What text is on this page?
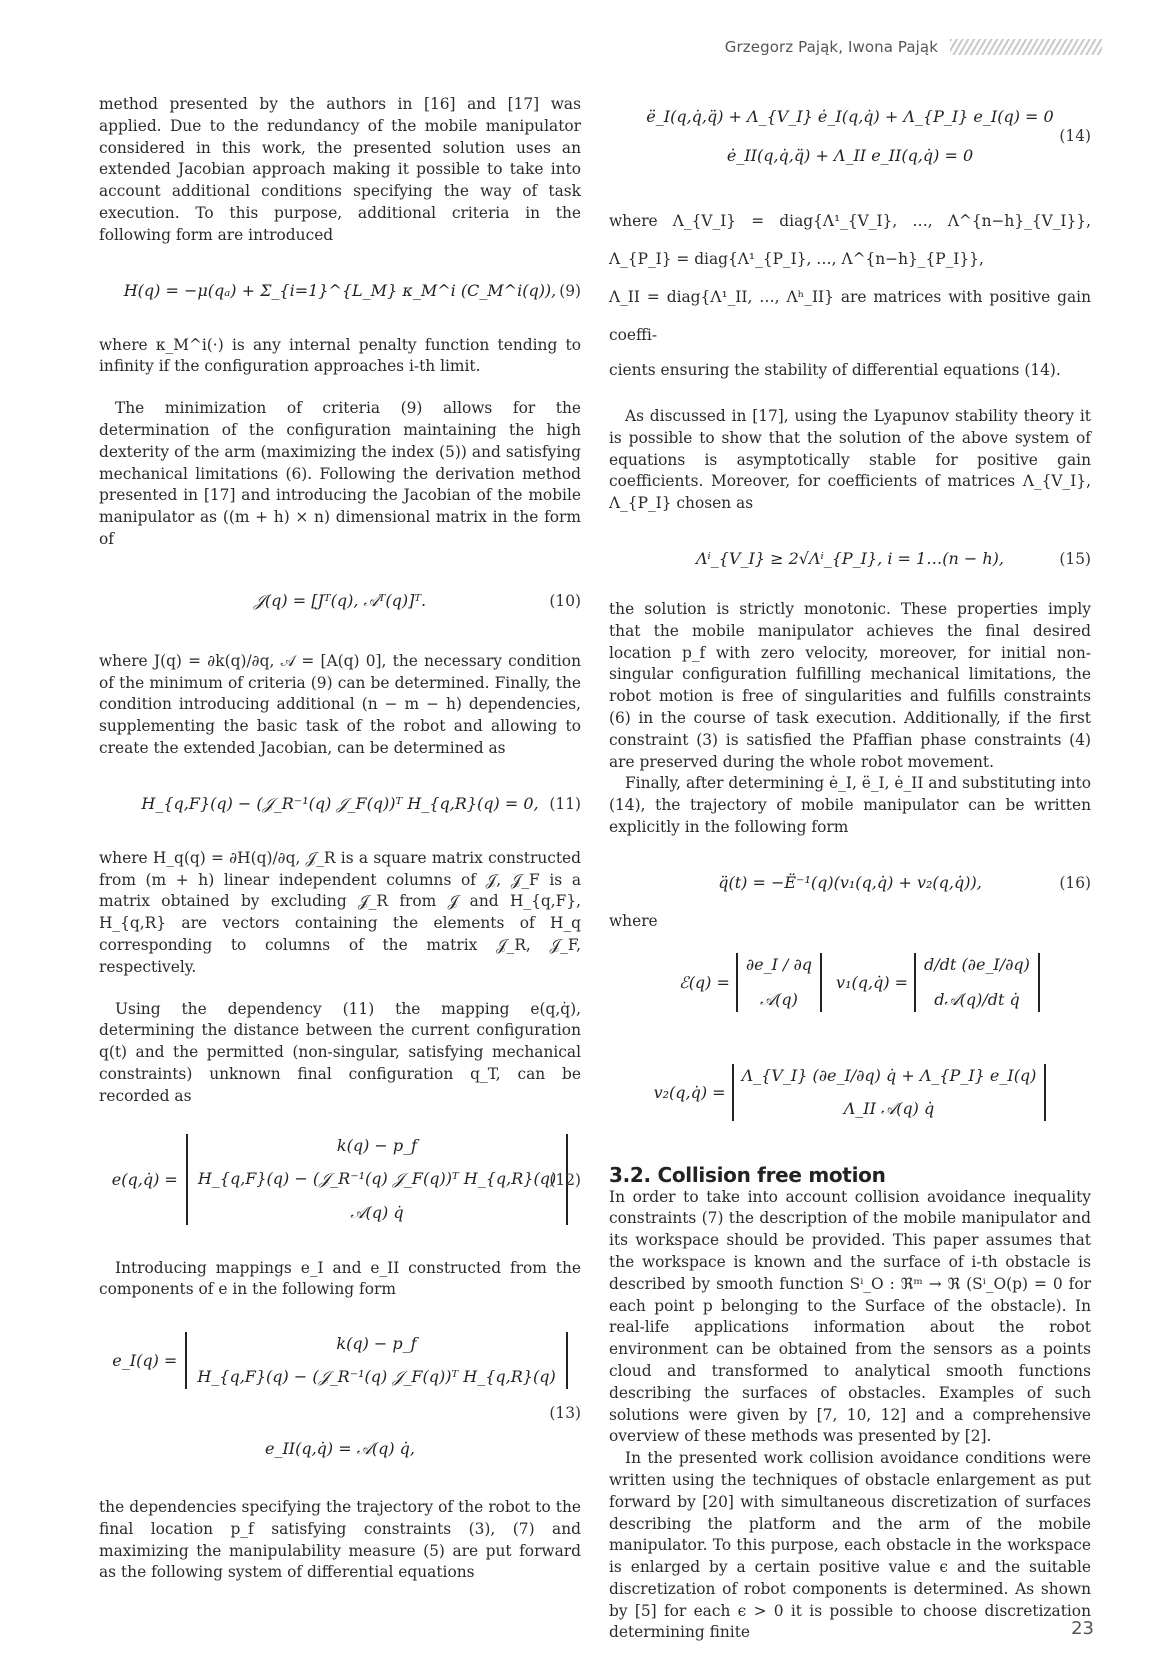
Grzegorz Pająk, Iwona Pająk

method presented by the authors in [16] and [17] was applied. Due to the redundancy of the mobile manipulator considered in this work, the presented solution uses an extended Jacobian approach making it possible to take into account additional conditions specifying the way of task execution. To this purpose, additional criteria in the following form are introduced

H(q) = −μ(qₐ) + Σ_{i=1}^{L_M} κ_M^i (C_M^i(q)), (9)

where κ_M^i(·) is any internal penalty function tending to infinity if the configuration approaches i-th limit.

The minimization of criteria (9) allows for the determination of the configuration maintaining the high dexterity of the arm (maximizing the index (5)) and satisfying mechanical limitations (6). Following the derivation method presented in [17] and introducing the Jacobian of the mobile manipulator as ((m + h) × n) dimensional matrix in the form of

𝒥(q) = [Jᵀ(q), 𝒜ᵀ(q)]ᵀ.	(10)

where J(q) = ∂k(q)/∂q, 𝒜 = [A(q) 0], the necessary condition of the minimum of criteria (9) can be determined. Finally, the condition introducing additional (n − m − h) dependencies, supplementing the basic task of the robot and allowing to create the extended Jacobian, can be determined as

H_{q,F}(q) − (𝒥_R⁻¹(q) 𝒥_F(q))ᵀ H_{q,R}(q) = 0, (11)

where H_q(q) = ∂H(q)/∂q, 𝒥_R is a square matrix constructed from (m + h) linear independent columns of 𝒥, 𝒥_F is a matrix obtained by excluding 𝒥_R from 𝒥 and H_{q,F}, H_{q,R} are vectors containing the elements of H_q corresponding to columns of the matrix 𝒥_R, 𝒥_F, respectively.

Using the dependency (11) the mapping e(q,q̇), determining the distance between the current configuration q(t) and the permitted (non-singular, satisfying mechanical constraints) unknown final configuration q_T, can be recorded as

e(q,q̇) =
k(q) − p_f
H_{q,F}(q) − (𝒥_R⁻¹(q) 𝒥_F(q))ᵀ H_{q,R}(q)
𝒜(q) q̇
(12)

Introducing mappings e_I and e_II constructed from the components of e in the following form

e_I(q) =
k(q) − p_f
H_{q,F}(q) − (𝒥_R⁻¹(q) 𝒥_F(q))ᵀ H_{q,R}(q)
(13)
e_II(q,q̇) = 𝒜(q) q̇,

the dependencies specifying the trajectory of the robot to the final location p_f satisfying constraints (3), (7) and maximizing the manipulability measure (5) are put forward as the following system of differential equations

ë_I(q,q̇,q̈) + Λ_{V_I} ė_I(q,q̇) + Λ_{P_I} e_I(q) = 0
ė_II(q,q̇,q̈) + Λ_II e_II(q,q̇) = 0
(14)

where Λ_{V_I} = diag{Λ¹_{V_I}, …, Λ^{n−h}_{V_I}}, Λ_{P_I} = diag{Λ¹_{P_I}, …, Λ^{n−h}_{P_I}},

Λ_II = diag{Λ¹_II, …, Λʰ_II} are matrices with positive gain coeffi-

cients ensuring the stability of differential equations (14).

As discussed in [17], using the Lyapunov stability theory it is possible to show that the solution of the above system of equations is asymptotically stable for positive gain coefficients. Moreover, for coefficients of matrices Λ_{V_I}, Λ_{P_I} chosen as

Λⁱ_{V_I} ≥ 2√Λⁱ_{P_I}, i = 1…(n − h),	(15)

the solution is strictly monotonic. These properties imply that the mobile manipulator achieves the final desired location p_f with zero velocity, moreover, for initial non-singular configuration fulfilling mechanical limitations, the robot motion is free of singularities and fulfills constraints (6) in the course of task execution. Additionally, if the first constraint (3) is satisfied the Pfaffian phase constraints (4) are preserved during the whole robot movement.

Finally, after determining ė_I, ë_I, ė_II and substituting into (14), the trajectory of mobile manipulator can be written explicitly in the following form

q̈(t) = −Ë⁻¹(q)(v₁(q,q̇) + v₂(q,q̇)),	(16)

where

ℰ(q) =
∂e_I / ∂q
𝒜(q)
v₁(q,q̇) =
d/dt (∂e_I/∂q)
d𝒜(q)/dt q̇
v₂(q,q̇) =
Λ_{V_I} (∂e_I/∂q) q̇ + Λ_{P_I} e_I(q)
Λ_II 𝒜(q) q̇
3.2. Collision free motion

In order to take into account collision avoidance inequality constraints (7) the description of the mobile manipulator and its workspace should be provided. This paper assumes that the workspace is known and the surface of i-th obstacle is described by smooth function Sⁱ_O : ℜᵐ → ℜ (Sⁱ_O(p) = 0 for each point p belonging to the Surface of the obstacle). In real-life applications information about the robot environment can be obtained from the sensors as a points cloud and transformed to analytical smooth functions describing the surfaces of obstacles. Examples of such solutions were given by [7, 10, 12] and a comprehensive overview of these methods was presented by [2].

In the presented work collision avoidance conditions were written using the techniques of obstacle enlargement as put forward by [20] with simultaneous discretization of surfaces describing the platform and the arm of the mobile manipulator. To this purpose, each obstacle in the workspace is enlarged by a certain positive value ϵ and the suitable discretization of robot components is determined. As shown by [5] for each ϵ > 0 it is possible to choose discretization determining finite	23
